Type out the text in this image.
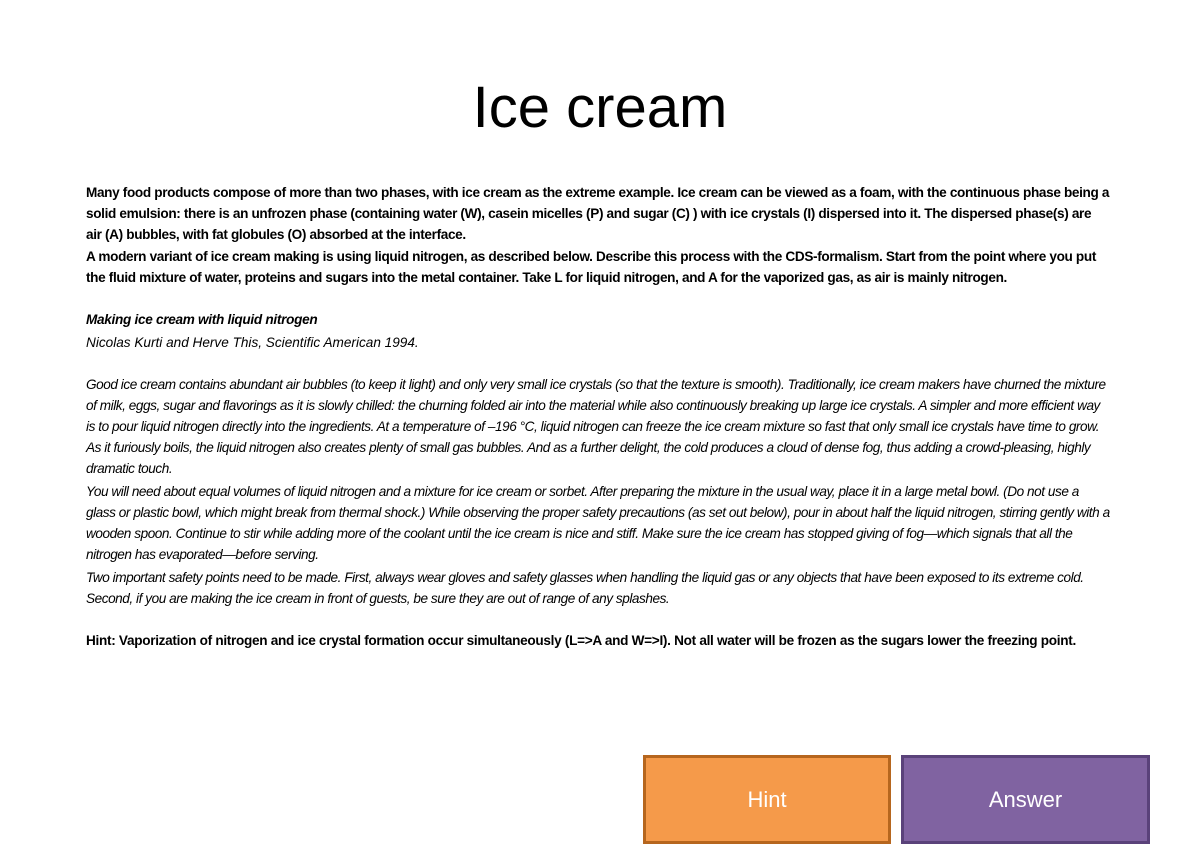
Ice cream

Many food products compose of more than two phases, with ice cream as the extreme example. Ice cream can be viewed as a foam, with the continuous phase being a solid emulsion: there is an unfrozen phase (containing water (W), casein micelles (P) and sugar (C) ) with ice crystals (I) dispersed into it. The dispersed phase(s) are air (A) bubbles, with fat globules (O) absorbed at the interface.

A modern variant of ice cream making is using liquid nitrogen, as described below. Describe this process with the CDS-formalism. Start from the point where you put the fluid mixture of water, proteins and sugars into the metal container. Take L for liquid nitrogen, and A for the vaporized gas, as air is mainly nitrogen.

Making ice cream with liquid nitrogen

Nicolas Kurti and Herve This, Scientific American 1994.

Good ice cream contains abundant air bubbles (to keep it light) and only very small ice crystals (so that the texture is smooth). Traditionally, ice cream makers have churned the mixture of milk, eggs, sugar and flavorings as it is slowly chilled: the churning folded air into the material while also continuously breaking up large ice crystals. A simpler and more efficient way is to pour liquid nitrogen directly into the ingredients. At a temperature of –196 °C, liquid nitrogen can freeze the ice cream mixture so fast that only small ice crystals have time to grow. As it furiously boils, the liquid nitrogen also creates plenty of small gas bubbles. And as a further delight, the cold produces a cloud of dense fog, thus adding a crowd-pleasing, highly dramatic touch.

You will need about equal volumes of liquid nitrogen and a mixture for ice cream or sorbet. After preparing the mixture in the usual way, place it in a large metal bowl. (Do not use a glass or plastic bowl, which might break from thermal shock.) While observing the proper safety precautions (as set out below), pour in about half the liquid nitrogen, stirring gently with a wooden spoon. Continue to stir while adding more of the coolant until the ice cream is nice and stiff. Make sure the ice cream has stopped giving of fog—which signals that all the nitrogen has evaporated—before serving.

Two important safety points need to be made. First, always wear gloves and safety glasses when handling the liquid gas or any objects that have been exposed to its extreme cold. Second, if you are making the ice cream in front of guests, be sure they are out of range of any splashes.

Hint: Vaporization of nitrogen and ice crystal formation occur simultaneously (L=>A and W=>I). Not all water will be frozen as the sugars lower the freezing point.

Hint	Answer
